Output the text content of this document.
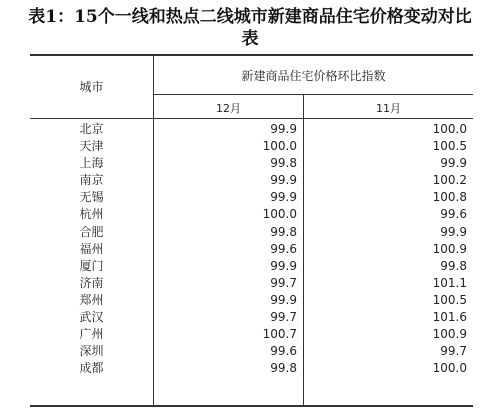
表1：15个一线和热点二线城市新建商品住宅价格变动对比
表
城市
新建商品住宅价格环比指数
12月	11月
北京	99.9	100.0
天津	100.0	100.5
上海	99.8	99.9
南京	99.9	100.2
无锡	99.9	100.8
杭州	100.0	99.6
合肥	99.8	99.9
福州	99.6	100.9
厦门	99.9	99.8
济南	99.7	101.1
郑州	99.9	100.5
武汉	99.7	101.6
广州	100.7	100.9
深圳	99.6	99.7
成都	99.8	100.0
